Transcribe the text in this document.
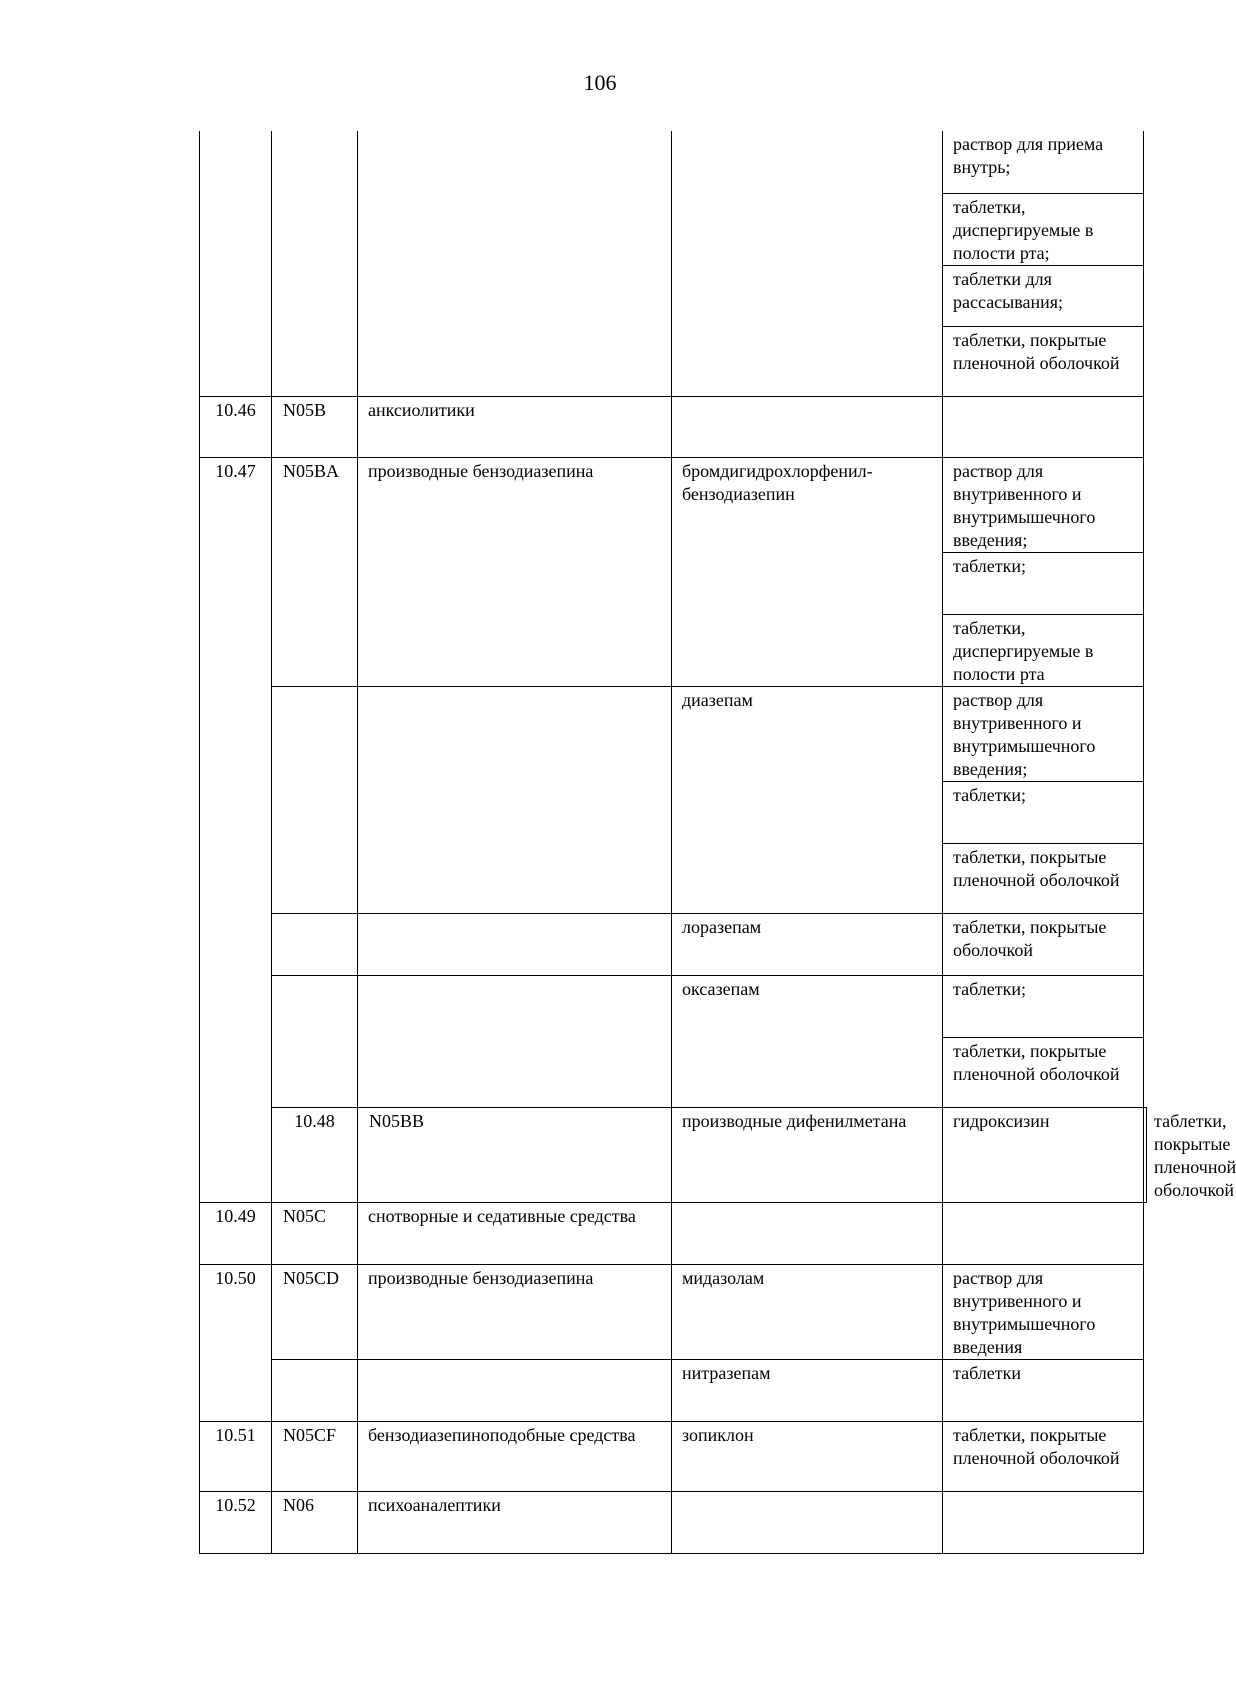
106
				раствор для приема внутрь;	
				таблетки, диспергируемые в полости рта;	
				таблетки для рассасывания;	
				таблетки, покрытые пленочной оболочкой	
10.46	N05B	анксиолитики			
10.47	N05BA	производные бензодиазепина	бромдигидрохлорфенил-бензодиазепин	раствор для внутривенного и внутримышечного введения;	
				таблетки;	
				таблетки, диспергируемые в полости рта	
			диазепам	раствор для внутривенного и внутримышечного введения;	
				таблетки;	
				таблетки, покрытые пленочной оболочкой	
			лоразепам	таблетки, покрытые оболочкой	
			оксазепам	таблетки;	
				таблетки, покрытые пленочной оболочкой	
	10.48	N05BB	производные дифенилметана	гидроксизин	таблетки, покрытые пленочной оболочкой
10.49	N05C	снотворные и седативные средства			
10.50	N05CD	производные бензодиазепина	мидазолам	раствор для внутривенного и внутримышечного введения	
			нитразепам	таблетки	
10.51	N05CF	бензодиазепиноподобные средства	зопиклон	таблетки, покрытые пленочной оболочкой	
10.52	N06	психоаналептики			
